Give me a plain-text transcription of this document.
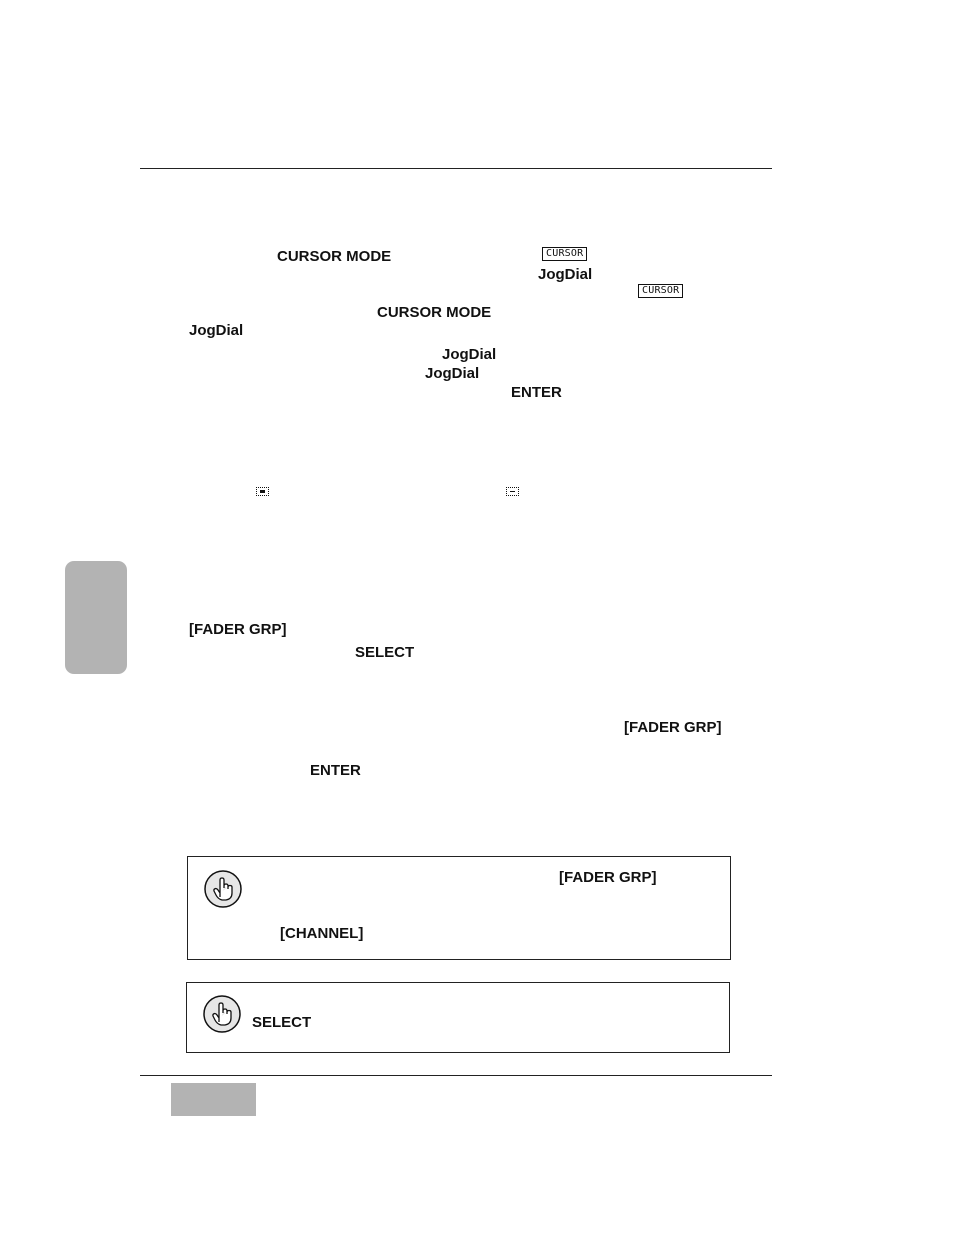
CURSOR MODE	CURSOR
JogDial
CURSOR
CURSOR MODE
JogDial
JogDial
JogDial
ENTER
[FADER GRP]
SELECT
[FADER GRP]
ENTER
[FADER GRP]
[CHANNEL]
SELECT
